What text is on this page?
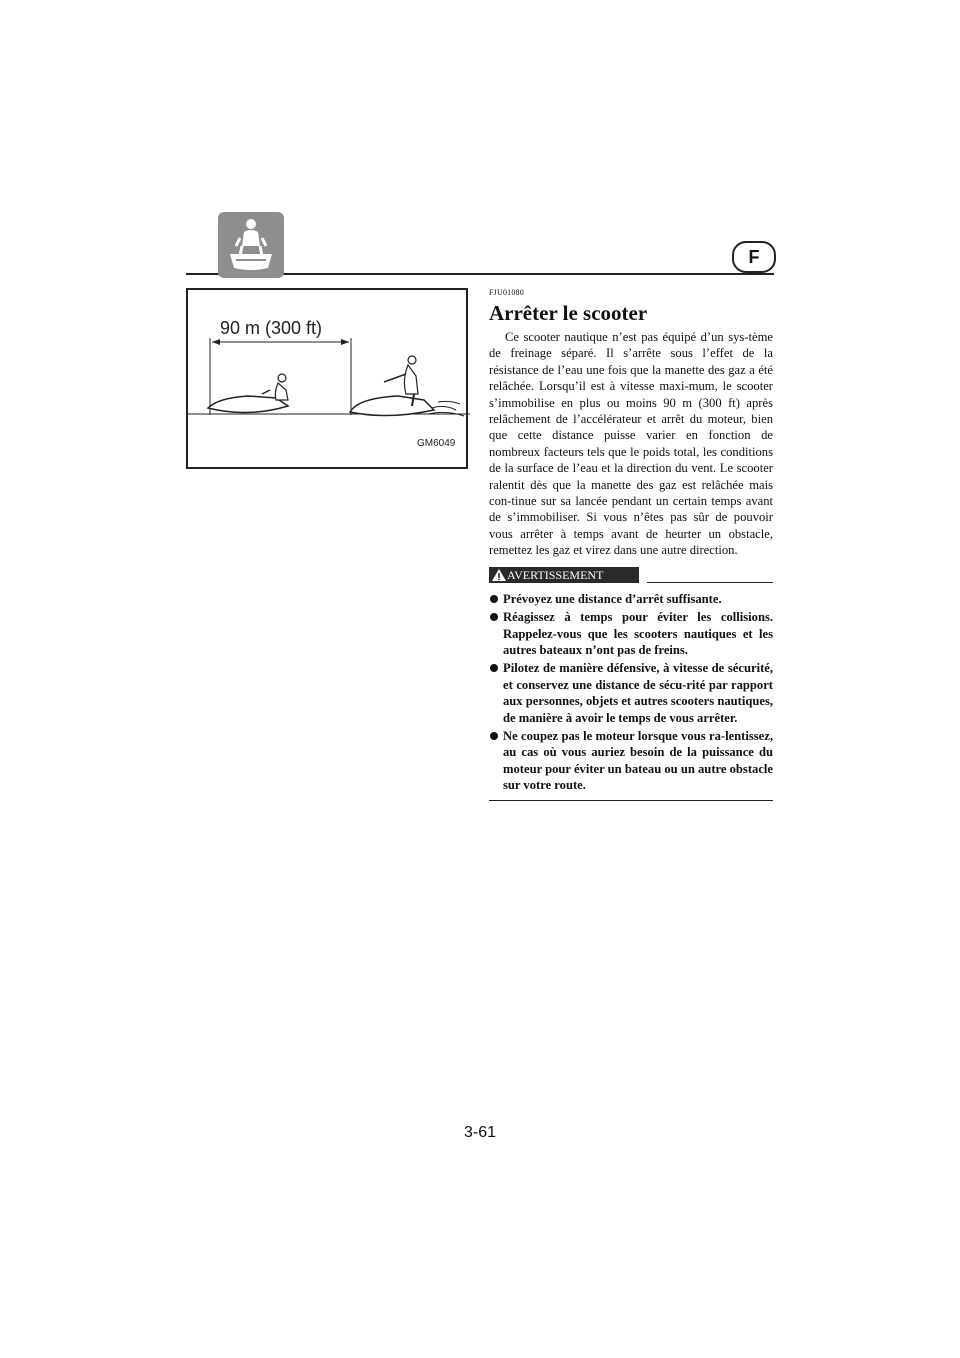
F
90 m (300 ft)
GM6049

FJU01080

Arrêter le scooter

Ce scooter nautique n’est pas équipé d’un sys-tème de freinage séparé. Il s’arrête sous l’effet de la résistance de l’eau une fois que la manette des gaz a été relâchée. Lorsqu’il est à vitesse maxi-mum, le scooter s’immobilise en plus ou moins 90 m (300 ft) après relâchement de l’accélérateur et arrêt du moteur, bien que cette distance puisse varier en fonction de nombreux facteurs tels que le poids total, les conditions de la surface de l’eau et la direction du vent. Le scooter ralentit dès que la manette des gaz est relâchée mais con-tinue sur sa lancée pendant un certain temps avant de s’immobiliser. Si vous n’êtes pas sûr de pouvoir vous arrêter à temps avant de heurter un obstacle, remettez les gaz et virez dans une autre direction.

AVERTISSEMENT
Prévoyez une distance d’arrêt suffisante.
Réagissez à temps pour éviter les collisions. Rappelez-vous que les scooters nautiques et les autres bateaux n’ont pas de freins.
Pilotez de manière défensive, à vitesse de sécurité, et conservez une distance de sécu-rité par rapport aux personnes, objets et autres scooters nautiques, de manière à avoir le temps de vous arrêter.
Ne coupez pas le moteur lorsque vous ra-lentissez, au cas où vous auriez besoin de la puissance du moteur pour éviter un bateau ou un autre obstacle sur votre route.
3-61
